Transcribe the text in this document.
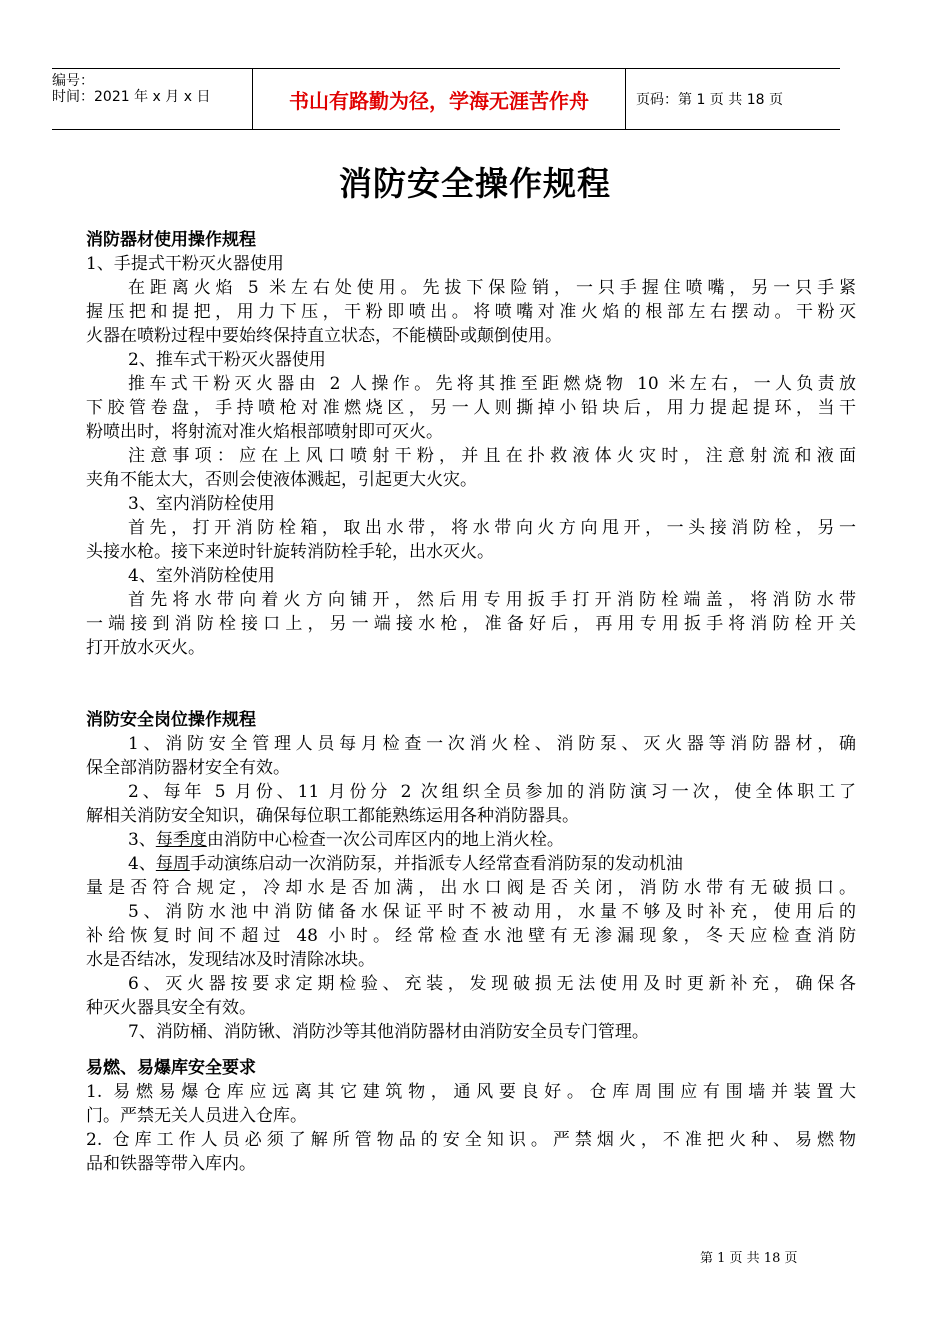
编号：
时间：2021 年 x 月 x 日	书山有路勤为径，学海无涯苦作舟	页码：第 1 页 共 18 页
消防安全操作规程
消防器材使用操作规程
1、手提式干粉灭火器使用
在距离火焰 5 米左右处使用。先拔下保险销，一只手握住喷嘴，另一只手紧
握压把和提把，用力下压，干粉即喷出。将喷嘴对准火焰的根部左右摆动。干粉灭
火器在喷粉过程中要始终保持直立状态，不能横卧或颠倒使用。
2、推车式干粉灭火器使用
推车式干粉灭火器由 2 人操作。先将其推至距燃烧物 10 米左右，一人负责放
下胶管卷盘，手持喷枪对准燃烧区，另一人则撕掉小铅块后，用力提起提环，当干
粉喷出时，将射流对准火焰根部喷射即可灭火。
注意事项：应在上风口喷射干粉，并且在扑救液体火灾时，注意射流和液面
夹角不能太大，否则会使液体溅起，引起更大火灾。
3、室内消防栓使用
首先，打开消防栓箱，取出水带，将水带向火方向甩开，一头接消防栓，另一
头接水枪。接下来逆时针旋转消防栓手轮，出水灭火。
4、室外消防栓使用
首先将水带向着火方向铺开，然后用专用扳手打开消防栓端盖，将消防水带
一端接到消防栓接口上，另一端接水枪，准备好后，再用专用扳手将消防栓开关
打开放水灭火。
消防安全岗位操作规程
1、消防安全管理人员每月检查一次消火栓、消防泵、灭火器等消防器材，确
保全部消防器材安全有效。
2、每年 5 月份、11 月份分 2 次组织全员参加的消防演习一次，使全体职工了
解相关消防安全知识，确保每位职工都能熟练运用各种消防器具。
3、每季度由消防中心检查一次公司库区内的地上消火栓。
4、每周手动演练启动一次消防泵，并指派专人经常查看消防泵的发动机油
量是否符合规定，冷却水是否加满，出水口阀是否关闭，消防水带有无破损口。
5、消防水池中消防储备水保证平时不被动用，水量不够及时补充，使用后的
补给恢复时间不超过 48 小时。经常检查水池壁有无渗漏现象，冬天应检查消防
水是否结冰，发现结冰及时清除冰块。
6、灭火器按要求定期检验、充装，发现破损无法使用及时更新补充，确保各
种灭火器具安全有效。
7、消防桶、消防锹、消防沙等其他消防器材由消防安全员专门管理。
易燃、易爆库安全要求
1. 易燃易爆仓库应远离其它建筑物，通风要良好。仓库周围应有围墙并装置大
门。严禁无关人员进入仓库。
2. 仓库工作人员必须了解所管物品的安全知识。严禁烟火，不准把火种、易燃物
品和铁器等带入库内。
第 1 页 共 18 页
